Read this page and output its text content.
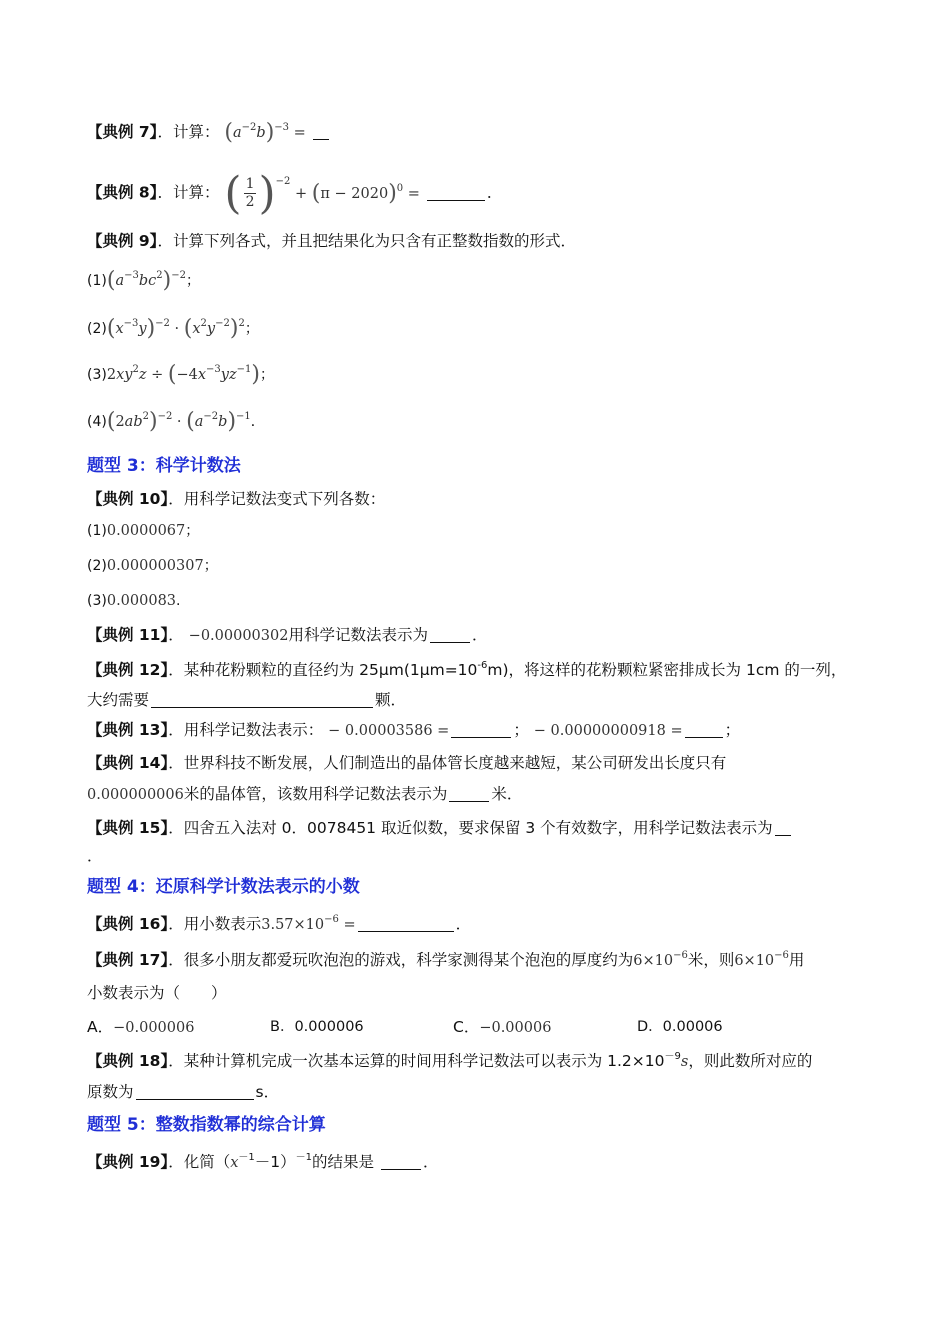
【典例 7】．计算： $(a^{-2}b)^{-3}$ =
【典例 8】．计算： ( $\frac{1}{2} )^{-2} + (\pi - 2020)^0$ =	．
【典例 9】．计算下列各式，并且把结果化为只含有正整数指数的形式．
$(1)(a^{-3}bc^2)^{-2}$；
$(2)(x^{-3}y)^{-2} \cdot (x^2y^{-2})^2$；
$(3)2xy^2z \div (-4x^{-3}yz^{-1})$；
$(4)(2ab^2)^{-2} \cdot (a^{-2}b)^{-1}$．
题型 3：科学计数法
【典例 10】．用科学记数法变式下列各数：
(1)0.0000067；
(2)0.000000307；
(3)0.000083.
【典例 11】． −0.00000302用科学记数法表示为	．
【典例 12】．某种花粉颗粒的直径约为 $25\mu m(1\mu m=10^{-6}m)$，将这样的花粉颗粒紧密排成长为 1cm 的一列，
大约需要	颗．
【典例 13】．用科学记数法表示： − 0.00003586 =	； − 0.00000000918 =	；
【典例 14】．世界科技不断发展，人们制造出的晶体管长度越来越短，某公司研发出长度只有
0.000000006米的晶体管，该数用科学记数法表示为	米．
【典例 15】．四舍五入法对 0．0078451 取近似数，要求保留 3 个有效数字，用科学记数法表示为
．
题型 4：还原科学计数法表示的小数
【典例 16】．用小数表示$3.57\times 10^{-6}$ =	．
【典例 17】．很多小朋友都爱玩吹泡泡的游戏，科学家测得某个泡泡的厚度约为$6\times 10^{-6}$米，则$6\times 10^{-6}$用
小数表示为（　　）
A．−0.000006	B．0.000006	C．−0.00006	D．0.00006
【典例 18】．某种计算机完成一次基本运算的时间用科学记数法可以表示为 $1.2\times 10^{-9}s$，则此数所对应的
原数为	s．
题型 5：整数指数幂的综合计算
【典例 19】．化简$(x^{-1}-1)^{-1}$的结果是	．
